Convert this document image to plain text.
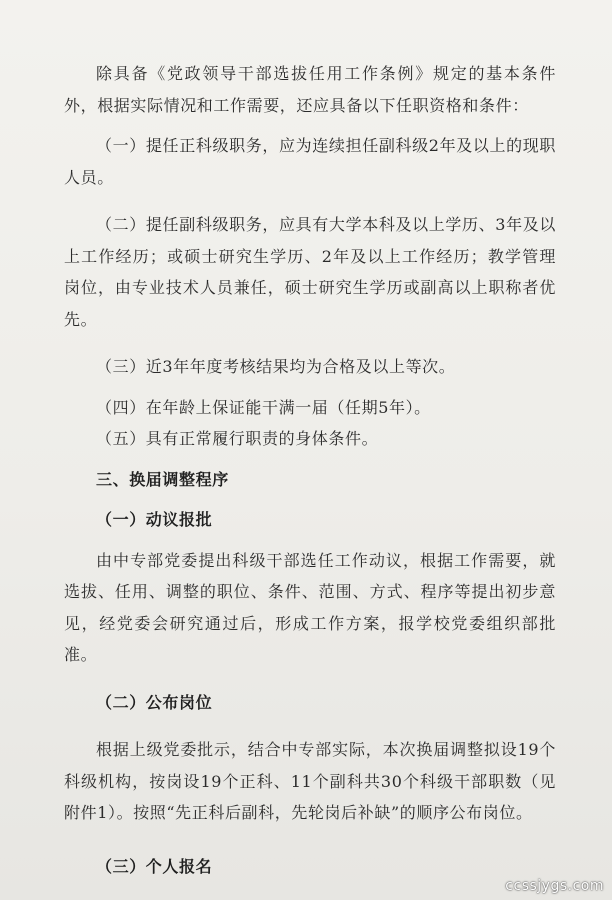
除具备《党政领导干部选拔任用工作条例》规定的基本条件外，根据实际情况和工作需要，还应具备以下任职资格和条件：

（一）提任正科级职务，应为连续担任副科级2年及以上的现职人员。

（二）提任副科级职务，应具有大学本科及以上学历、3年及以上工作经历；或硕士研究生学历、2年及以上工作经历；教学管理岗位，由专业技术人员兼任，硕士研究生学历或副高以上职称者优先。

（三）近3年年度考核结果均为合格及以上等次。

（四）在年龄上保证能干满一届（任期5年）。

（五）具有正常履行职责的身体条件。

三、换届调整程序

（一）动议报批

由中专部党委提出科级干部选任工作动议，根据工作需要，就选拔、任用、调整的职位、条件、范围、方式、程序等提出初步意见，经党委会研究通过后，形成工作方案，报学校党委组织部批准。

（二）公布岗位

根据上级党委批示，结合中专部实际，本次换届调整拟设19个科级机构，按岗设19个正科、11个副科共30个科级干部职数（见附件1）。按照“先正科后副科，先轮岗后补缺”的顺序公布岗位。

（三）个人报名

ccssjygs.com
